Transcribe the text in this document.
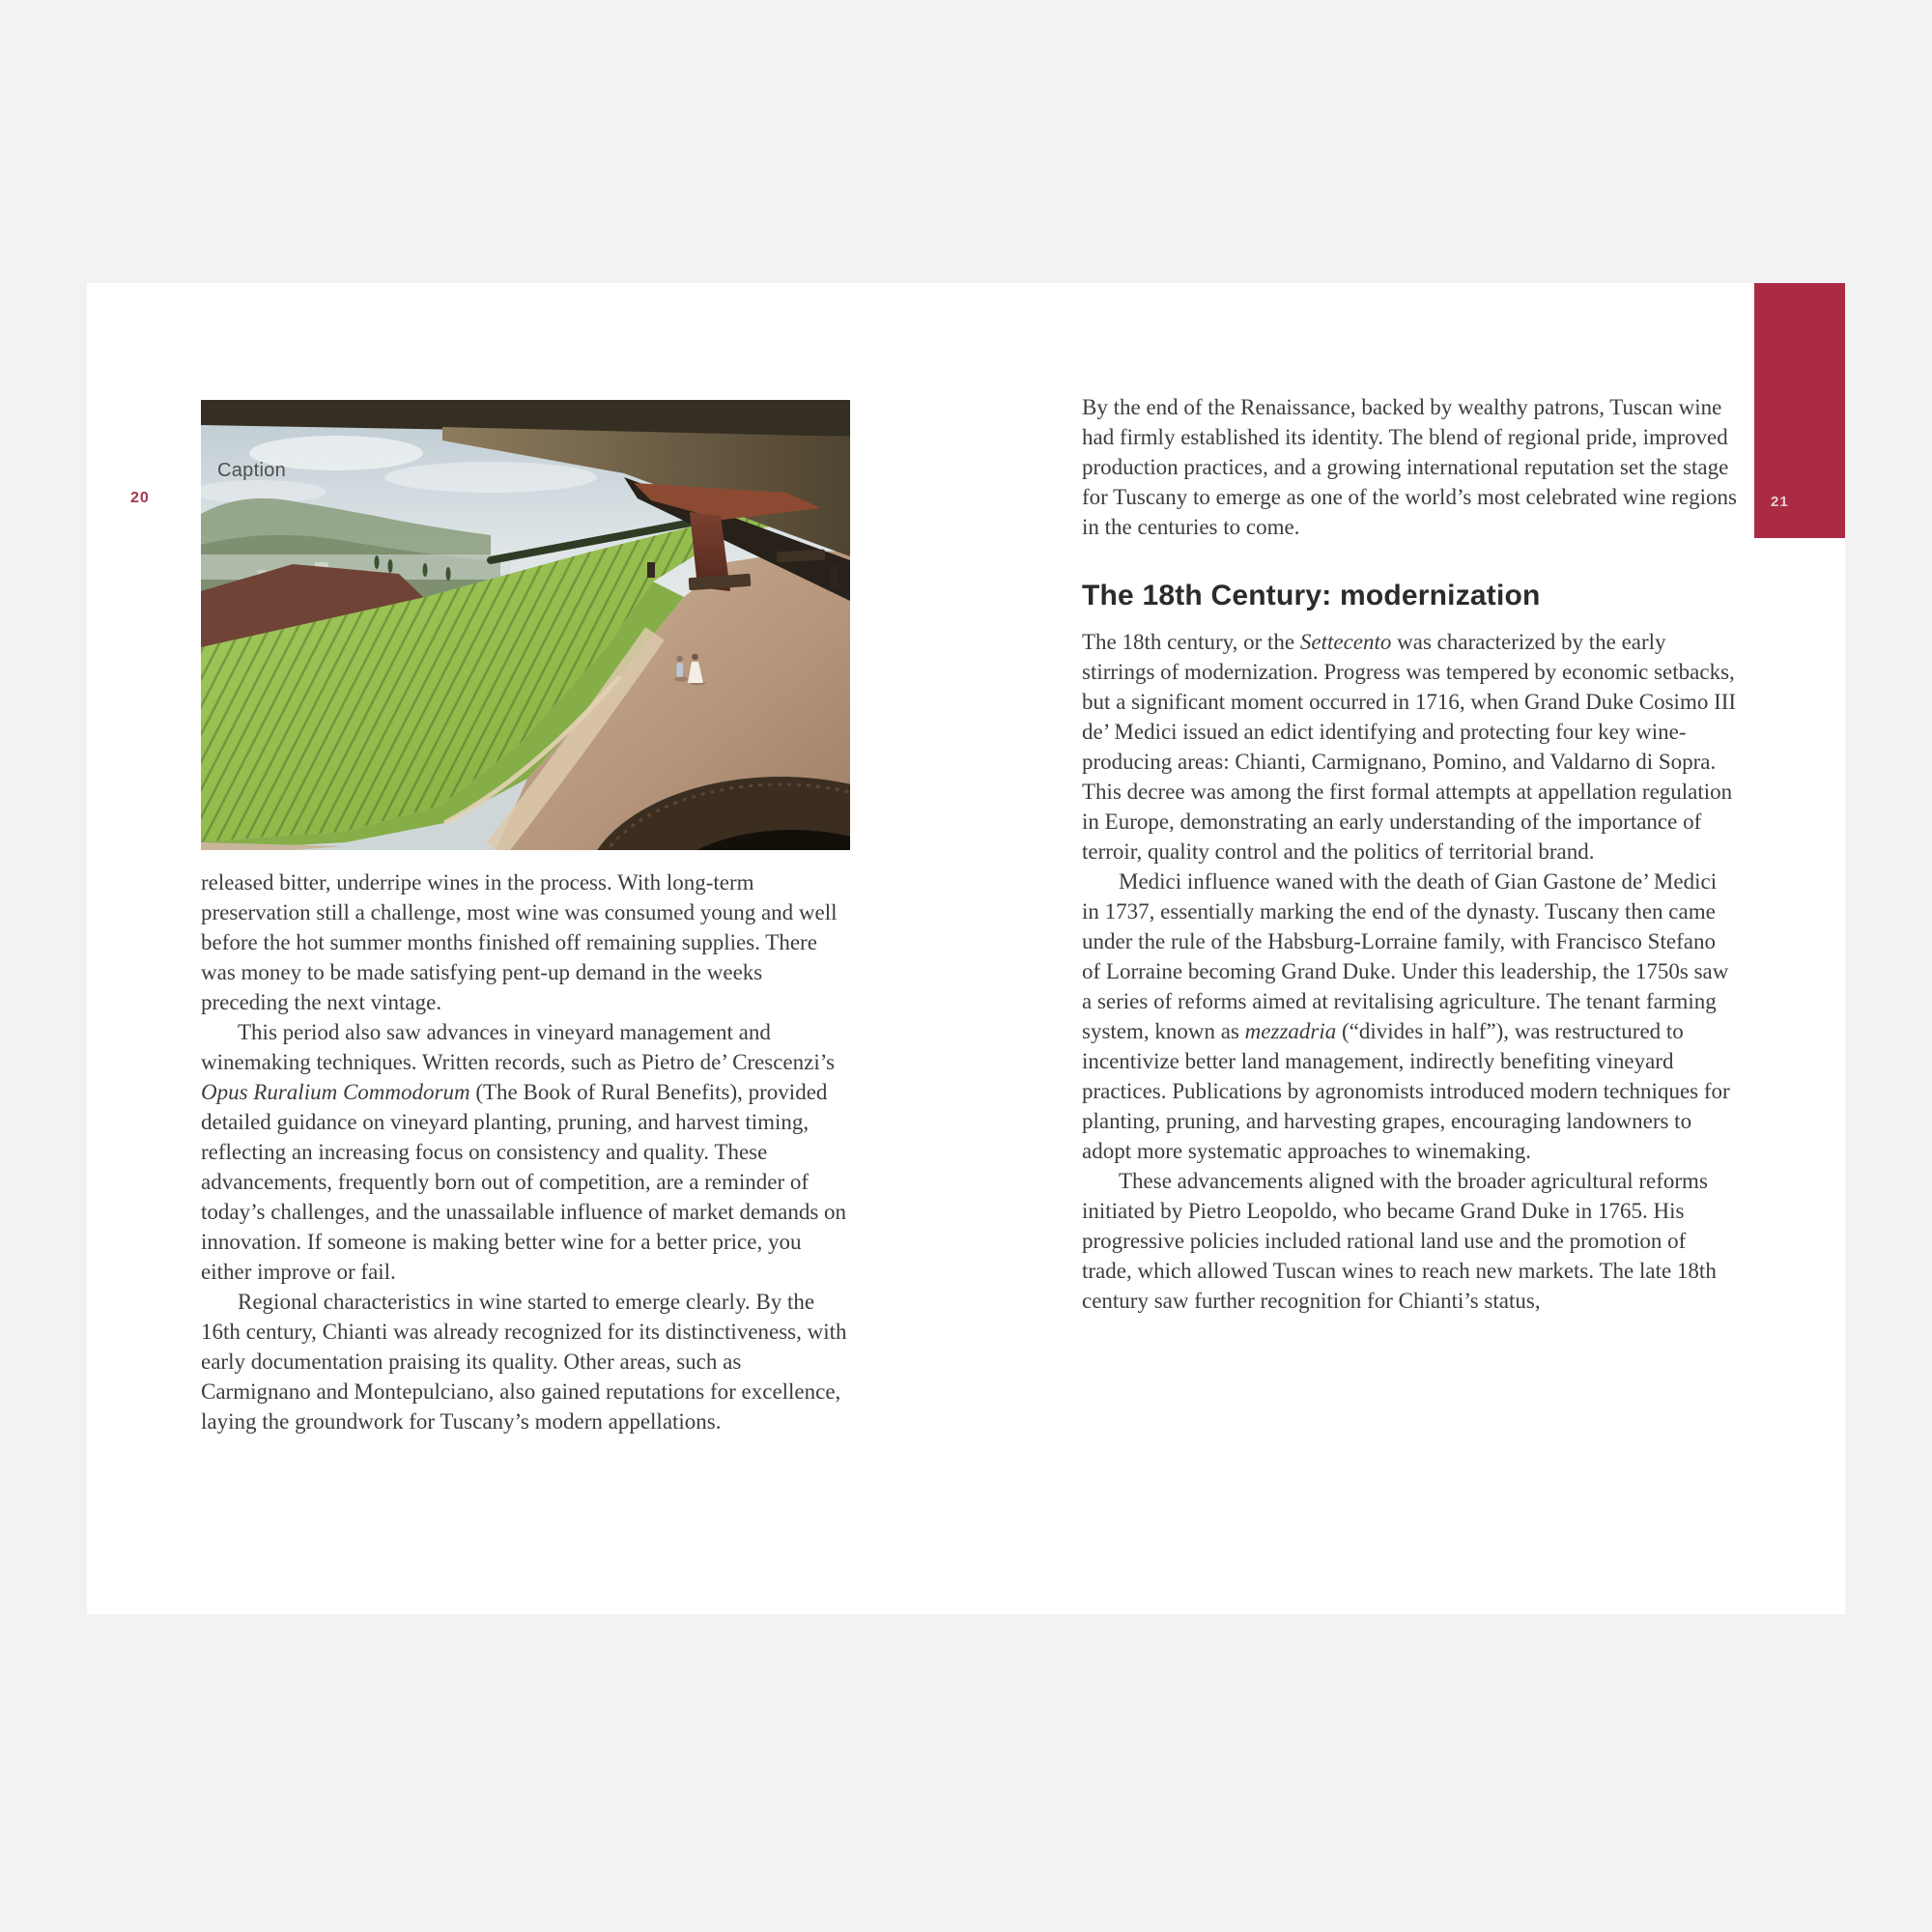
20
Caption

released bitter, underripe wines in the process. With long-term preservation still a challenge, most wine was consumed young and well before the hot summer months finished off remaining supplies. There was money to be made satisfying pent-up demand in the weeks preceding the next vintage.

This period also saw advances in vineyard management and winemaking techniques. Written records, such as Pietro de’ Crescenzi’s Opus Ruralium Commodorum (The Book of Rural Benefits), provided detailed guidance on vineyard planting, pruning, and harvest timing, reflecting an increasing focus on consistency and quality. These advancements, frequently born out of competition, are a reminder of today’s challenges, and the unassailable influence of market demands on innovation. If someone is making better wine for a better price, you either improve or fail.

Regional characteristics in wine started to emerge clearly. By the 16th century, Chianti was already recognized for its distinctiveness, with early documentation praising its quality. Other areas, such as Carmignano and Montepulciano, also gained reputations for excellence, laying the groundwork for Tuscany’s modern appellations.

By the end of the Renaissance, backed by wealthy patrons, Tuscan wine had firmly established its identity. The blend of regional pride, improved production practices, and a growing international reputation set the stage for Tuscany to emerge as one of the world’s most celebrated wine regions in the centuries to come.

The 18th Century: modernization

The 18th century, or the Settecento was characterized by the early stirrings of modernization. Progress was tempered by economic setbacks, but a significant moment occurred in 1716, when Grand Duke Cosimo III de’ Medici issued an edict identifying and protecting four key wine-producing areas: Chianti, Carmignano, Pomino, and Valdarno di Sopra. This decree was among the first formal attempts at appellation regulation in Europe, demonstrating an early understanding of the importance of terroir, quality control and the politics of territorial brand.

Medici influence waned with the death of Gian Gastone de’ Medici in 1737, essentially marking the end of the dynasty. Tuscany then came under the rule of the Habsburg-Lorraine family, with Francisco Stefano of Lorraine becoming Grand Duke. Under this leadership, the 1750s saw a series of reforms aimed at revitalising agriculture. The tenant farming system, known as mezzadria (“divides in half”), was restructured to incentivize better land management, indirectly benefiting vineyard practices. Publications by agronomists introduced modern techniques for planting, pruning, and harvesting grapes, encouraging landowners to adopt more systematic approaches to winemaking.

These advancements aligned with the broader agricultural reforms initiated by Pietro Leopoldo, who became Grand Duke in 1765. His progressive policies included rational land use and the promotion of trade, which allowed Tuscan wines to reach new markets. The late 18th century saw further recognition for Chianti’s status,

21
